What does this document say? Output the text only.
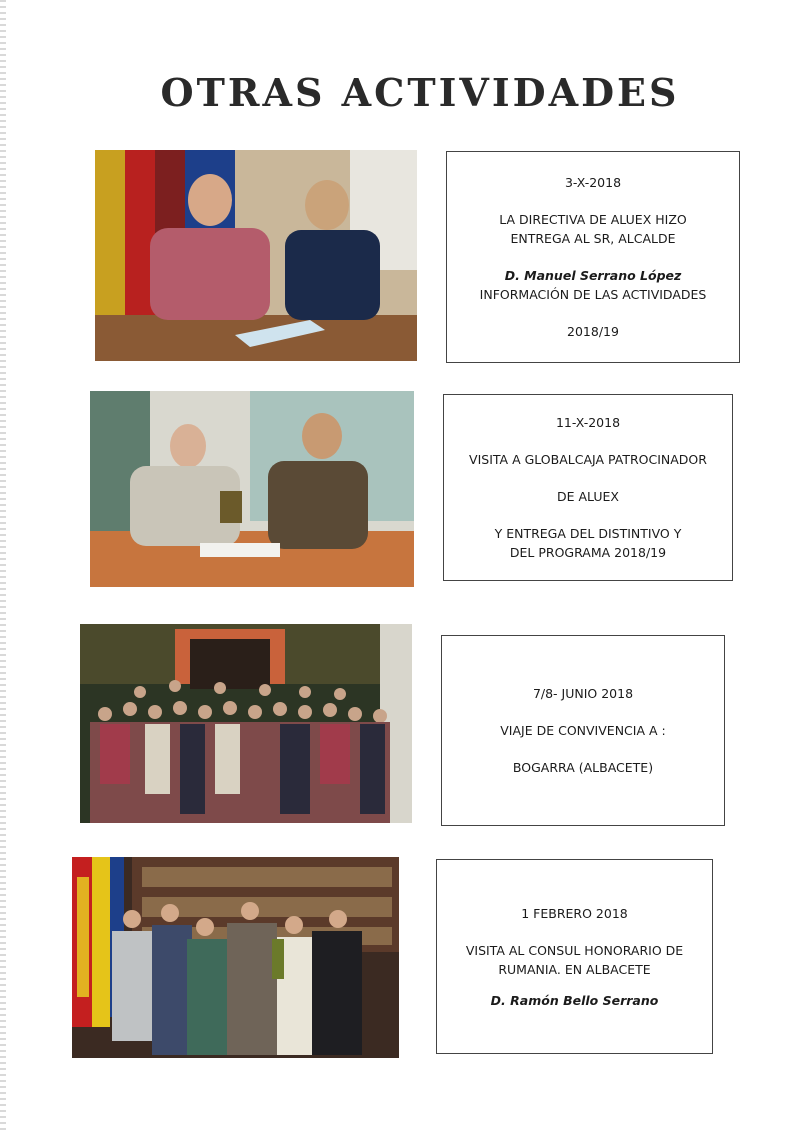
OTRAS ACTIVIDADES

3-X-2018

LA DIRECTIVA DE ALUEX HIZO
ENTREGA AL SR, ALCALDE

D. Manuel Serrano López

INFORMACIÓN DE LAS ACTIVIDADES

2018/19

11-X-2018

VISITA A GLOBALCAJA PATROCINADOR

DE ALUEX

Y ENTREGA DEL DISTINTIVO Y
DEL PROGRAMA 2018/19

7/8- JUNIO 2018

VIAJE DE CONVIVENCIA A :

BOGARRA (ALBACETE)

1 FEBRERO 2018

VISITA AL CONSUL HONORARIO DE
RUMANIA. EN ALBACETE

D. Ramón Bello Serrano
